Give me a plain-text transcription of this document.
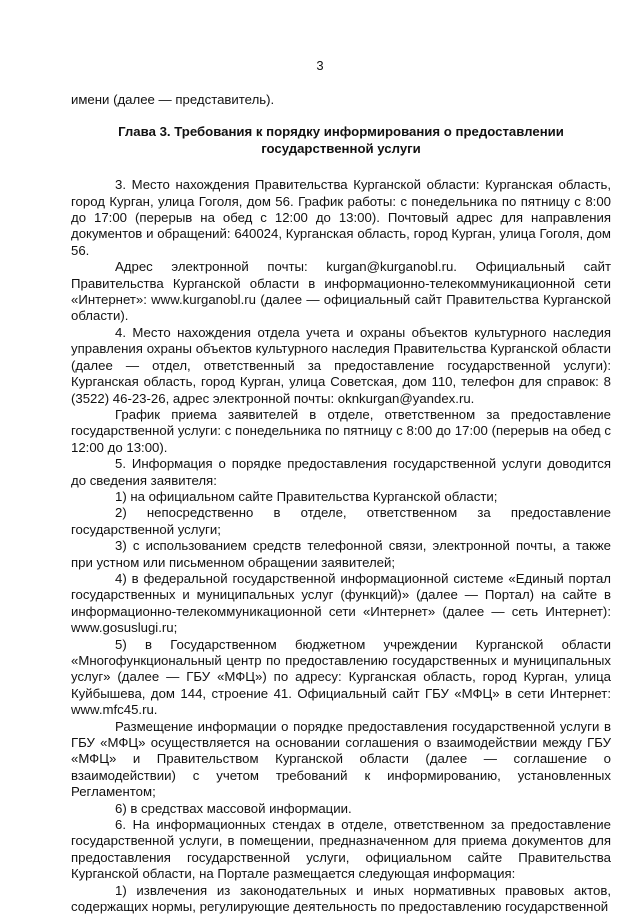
3

имени (далее — представитель).

Глава 3. Требования к порядку информирования о предоставлении государственной услуги

3. Место нахождения Правительства Курганской области: Курганская область, город Курган, улица Гоголя, дом 56. График работы: с понедельника по пятницу с 8:00 до 17:00 (перерыв на обед с 12:00 до 13:00). Почтовый адрес для направления документов и обращений: 640024, Курганская область, город Курган, улица Гоголя, дом 56.

Адрес электронной почты: kurgan@kurganobl.ru. Официальный сайт Правительства Курганской области в информационно-телекоммуникационной сети «Интернет»: www.kurganobl.ru (далее — официальный сайт Правительства Курганской области).

4. Место нахождения отдела учета и охраны объектов культурного наследия управления охраны объектов культурного наследия Правительства Курганской области (далее — отдел, ответственный за предоставление государственной услуги): Курганская область, город Курган, улица Советская, дом 110, телефон для справок: 8 (3522) 46-23-26, адрес электронной почты: oknkurgan@yandex.ru.

График приема заявителей в отделе, ответственном за предоставление государственной услуги: с понедельника по пятницу с 8:00 до 17:00 (перерыв на обед с 12:00 до 13:00).

5. Информация о порядке предоставления государственной услуги доводится до сведения заявителя:

1) на официальном сайте Правительства Курганской области;

2) непосредственно в отделе, ответственном за предоставление государственной услуги;

3) с использованием средств телефонной связи, электронной почты, а также при устном или письменном обращении заявителей;

4) в федеральной государственной информационной системе «Единый портал государственных и муниципальных услуг (функций)» (далее — Портал) на сайте в информационно-телекоммуникационной сети «Интернет» (далее — сеть Интернет): www.gosuslugi.ru;

5) в Государственном бюджетном учреждении Курганской области «Многофункциональный центр по предоставлению государственных и муниципальных услуг» (далее — ГБУ «МФЦ») по адресу: Курганская область, город Курган, улица Куйбышева, дом 144, строение 41. Официальный сайт ГБУ «МФЦ» в сети Интернет: www.mfc45.ru.

Размещение информации о порядке предоставления государственной услуги в ГБУ «МФЦ» осуществляется на основании соглашения о взаимодействии между ГБУ «МФЦ» и Правительством Курганской области (далее — соглашение о взаимодействии) с учетом требований к информированию, установленных Регламентом;

6) в средствах массовой информации.

6. На информационных стендах в отделе, ответственном за предоставление государственной услуги, в помещении, предназначенном для приема документов для предоставления государственной услуги, официальном сайте Правительства Курганской области, на Портале размещается следующая информация:

1) извлечения из законодательных и иных нормативных правовых актов, содержащих нормы, регулирующие деятельность по предоставлению государственной
